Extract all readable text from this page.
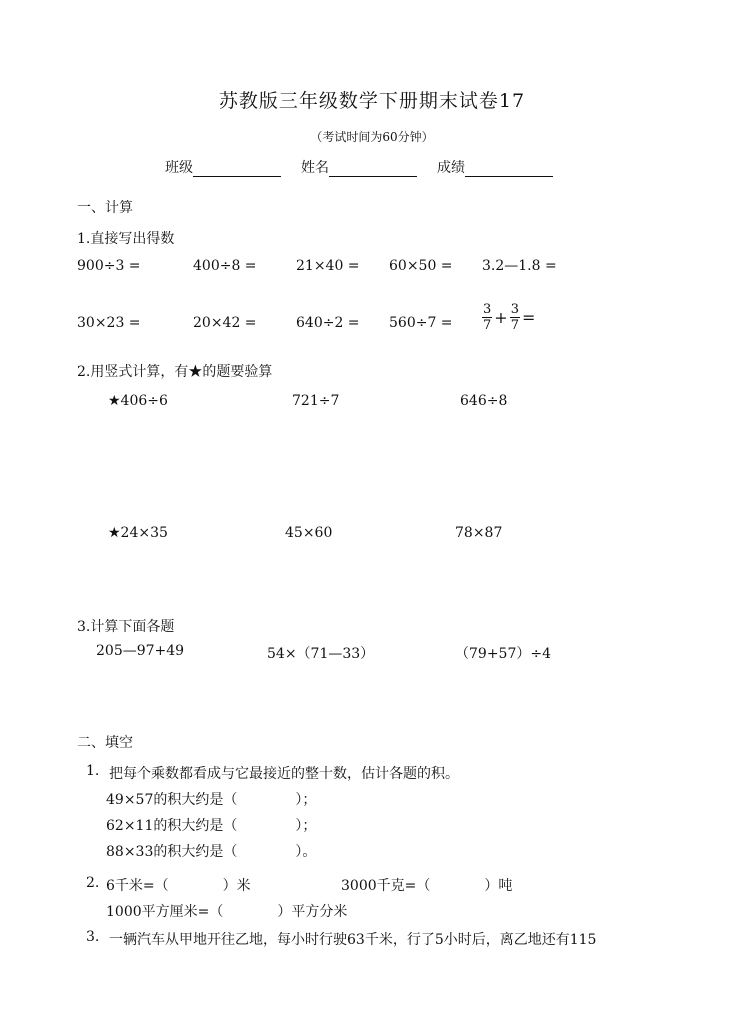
苏教版三年级数学下册期末试卷17
（考试时间为60分钟）
班级	姓名	成绩
一、计算
1.直接写出得数
900÷3 =	400÷8 =	21×40 = 60×50 = 3.2—1.8 =
30×23 =	20×42 =	$640\div 2 = 560\div 7 = \frac{3}{7} + \frac{3}{7}$ =
2.用竖式计算，有★的题要验算
★406÷6	721÷7	646÷8
★24×35	45×60	78×87
3.计算下面各题
205—97+49	54×（71—33）	（79+57）÷4
二、填空
1. 把每个乘数都看成与它最接近的整十数，估计各题的积。
49×57的积大约是（	）；
62×11的积大约是（	）；
88×33的积大约是（	）。
2. 6千米=（	）米	3000千克=（	）吨
1000平方厘米=（	）平方分米
3. 一辆汽车从甲地开往乙地，每小时行驶63千米，行了5小时后，离乙地还有115
